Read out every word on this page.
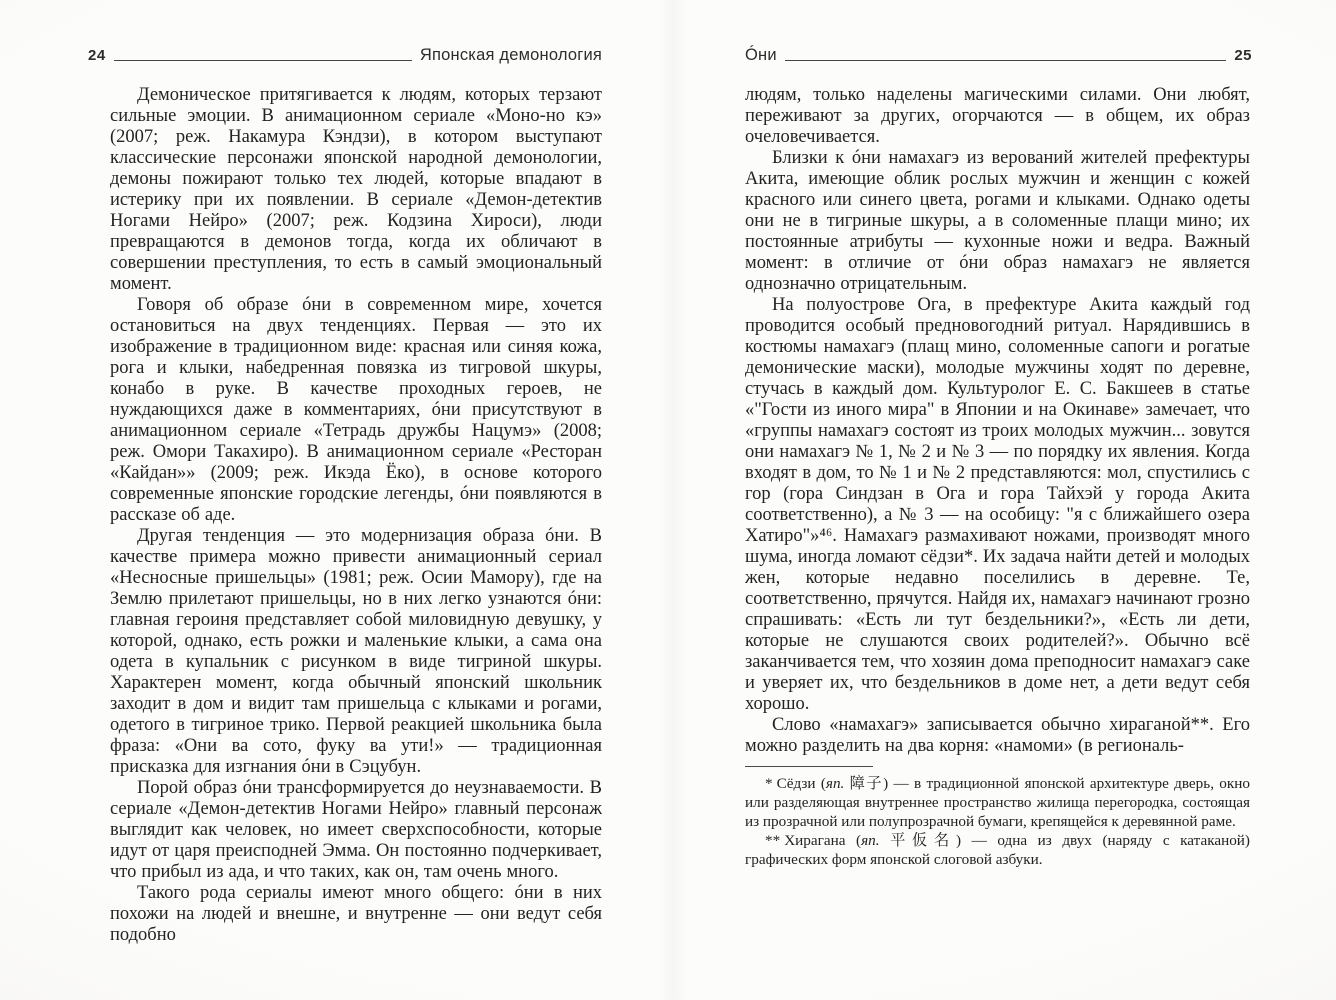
24	Японская демонология

Демоническое притягивается к людям, которых терзают сильные эмоции. В анимационном сериале «Моно-но кэ» (2007; реж. Накамура Кэндзи), в котором выступают классические персонажи японской народной демонологии, демоны пожирают только тех людей, которые впадают в истерику при их появлении. В сериале «Демон-детектив Ногами Нейро» (2007; реж. Кодзина Хироси), люди превращаются в демонов тогда, когда их обличают в совершении преступления, то есть в самый эмоциональный момент.

Говоря об образе óни в современном мире, хочется остановиться на двух тенденциях. Первая — это их изображение в традиционном виде: красная или синяя кожа, рога и клыки, набедренная повязка из тигровой шкуры, конабо в руке. В качестве проходных героев, не нуждающихся даже в комментариях, óни присутствуют в анимационном сериале «Тетрадь дружбы Нацумэ» (2008; реж. Омори Такахиро). В анимационном сериале «Ресторан «Кайдан»» (2009; реж. Икэда Ёко), в основе которого современные японские городские легенды, óни появляются в рассказе об аде.

Другая тенденция — это модернизация образа óни. В качестве примера можно привести анимационный сериал «Несносные пришельцы» (1981; реж. Осии Мамору), где на Землю прилетают пришельцы, но в них легко узнаются óни: главная героиня представляет собой миловидную девушку, у которой, однако, есть рожки и маленькие клыки, а сама она одета в купальник с рисунком в виде тигриной шкуры. Характерен момент, когда обычный японский школьник заходит в дом и видит там пришельца с клыками и рогами, одетого в тигриное трико. Первой реакцией школьника была фраза: «Они ва сото, фуку ва ути!» — традиционная присказка для изгнания óни в Сэцубун.

Порой образ óни трансформируется до неузнаваемости. В сериале «Демон-детектив Ногами Нейро» главный персонаж выглядит как человек, но имеет сверхспособности, которые идут от царя преисподней Эмма. Он постоянно подчеркивает, что прибыл из ада, и что таких, как он, там очень много.

Такого рода сериалы имеют много общего: óни в них похожи на людей и внешне, и внутренне — они ведут себя подобно

Óни	25

людям, только наделены магическими силами. Они любят, переживают за других, огорчаются — в общем, их образ очеловечивается.

Близки к óни намахагэ из верований жителей префектуры Акита, имеющие облик рослых мужчин и женщин с кожей красного или синего цвета, рогами и клыками. Однако одеты они не в тигриные шкуры, а в соломенные плащи мино; их постоянные атрибуты — кухонные ножи и ведра. Важный момент: в отличие от óни образ намахагэ не является однозначно отрицательным.

На полуострове Ога, в префектуре Акита каждый год проводится особый предновогодний ритуал. Нарядившись в костюмы намахагэ (плащ мино, соломенные сапоги и рогатые демонические маски), молодые мужчины ходят по деревне, стучась в каждый дом. Культуролог Е. С. Бакшеев в статье «"Гости из иного мира" в Японии и на Окинаве» замечает, что «группы намахагэ состоят из троих молодых мужчин... зовутся они намахагэ № 1, № 2 и № 3 — по порядку их явления. Когда входят в дом, то № 1 и № 2 представляются: мол, спустились с гор (гора Синдзан в Ога и гора Тайхэй у города Акита соответственно), а № 3 — на особицу: "я с ближайшего озера Хатиро"»⁴⁶. Намахагэ размахивают ножами, производят много шума, иногда ломают сёдзи*. Их задача найти детей и молодых жен, которые недавно поселились в деревне. Те, соответственно, прячутся. Найдя их, намахагэ начинают грозно спрашивать: «Есть ли тут бездельники?», «Есть ли дети, которые не слушаются своих родителей?». Обычно всё заканчивается тем, что хозяин дома преподносит намахагэ саке и уверяет их, что бездельников в доме нет, а дети ведут себя хорошо.

Слово «намахагэ» записывается обычно хираганой**. Его можно разделить на два корня: «намоми» (в региональ-

* Сёдзи (яп. 障子) — в традиционной японской архитектуре дверь, окно или разделяющая внутреннее пространство жилища перегородка, состоящая из прозрачной или полупрозрачной бумаги, крепящейся к деревянной раме.

** Хирагана (яп. 平仮名) — одна из двух (наряду с катаканой) графических форм японской слоговой азбуки.
